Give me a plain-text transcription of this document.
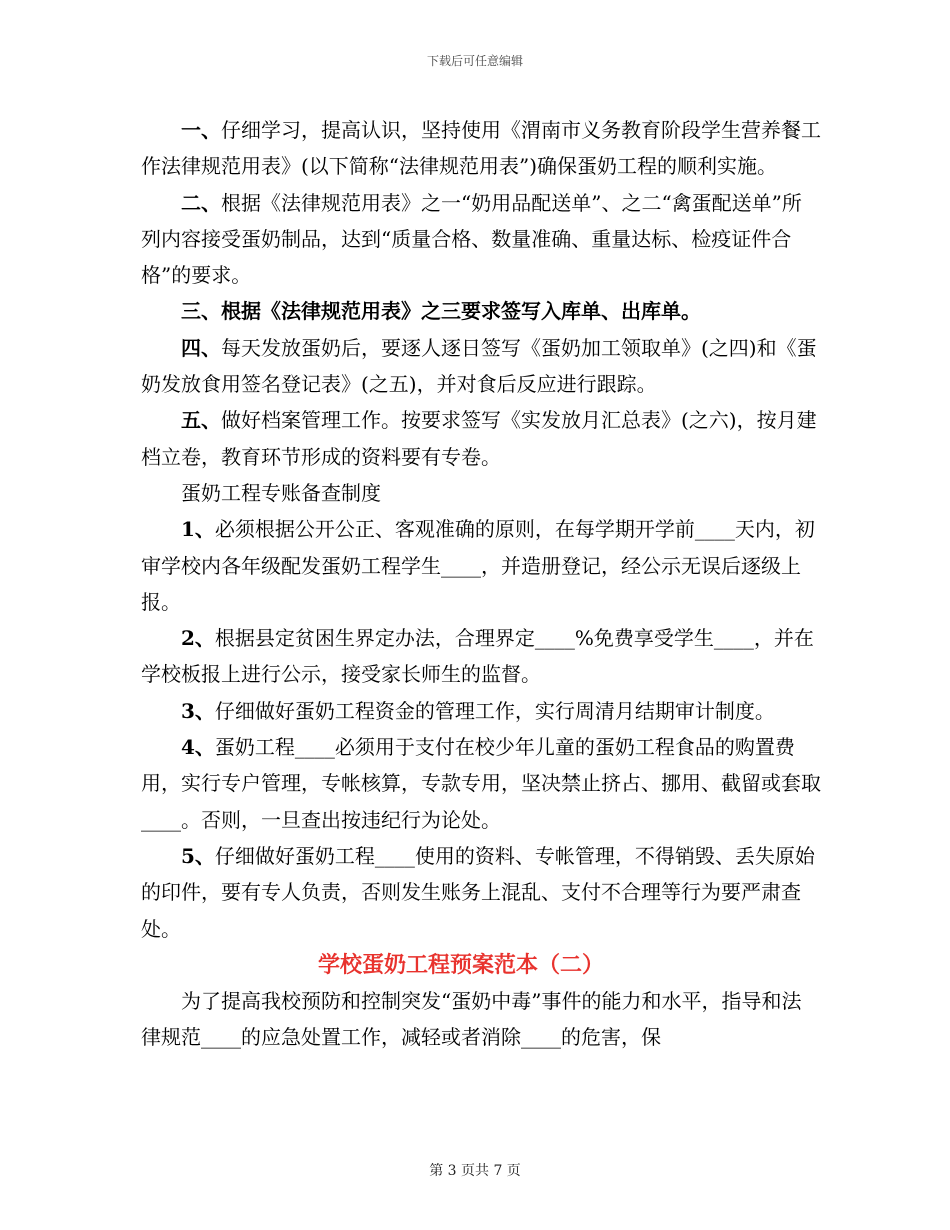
下载后可任意编辑

一、仔细学习，提高认识，坚持使用《渭南市义务教育阶段学生营养餐工作法律规范用表》(以下简称“法律规范用表”)确保蛋奶工程的顺利实施。

二、根据《法律规范用表》之一“奶用品配送单”、之二“禽蛋配送单”所列内容接受蛋奶制品，达到“质量合格、数量准确、重量达标、检疫证件合格”的要求。

三、根据《法律规范用表》之三要求签写入库单、出库单。

四、每天发放蛋奶后，要逐人逐日签写《蛋奶加工领取单》(之四)和《蛋奶发放食用签名登记表》(之五)，并对食后反应进行跟踪。

五、做好档案管理工作。按要求签写《实发放月汇总表》(之六)，按月建档立卷，教育环节形成的资料要有专卷。

蛋奶工程专账备查制度

1、必须根据公开公正、客观准确的原则，在每学期开学前____天内，初审学校内各年级配发蛋奶工程学生____，并造册登记，经公示无误后逐级上报。

2、根据县定贫困生界定办法，合理界定____%免费享受学生____，并在学校板报上进行公示，接受家长师生的监督。

3、仔细做好蛋奶工程资金的管理工作，实行周清月结期审计制度。

4、蛋奶工程____必须用于支付在校少年儿童的蛋奶工程食品的购置费用，实行专户管理，专帐核算，专款专用，坚决禁止挤占、挪用、截留或套取____。否则，一旦查出按违纪行为论处。

5、仔细做好蛋奶工程____使用的资料、专帐管理，不得销毁、丢失原始的印件，要有专人负责，否则发生账务上混乱、支付不合理等行为要严肃查处。

学校蛋奶工程预案范本（二）

为了提高我校预防和控制突发“蛋奶中毒”事件的能力和水平，指导和法律规范____的应急处置工作，减轻或者消除____的危害，保

第 3 页共 7 页
